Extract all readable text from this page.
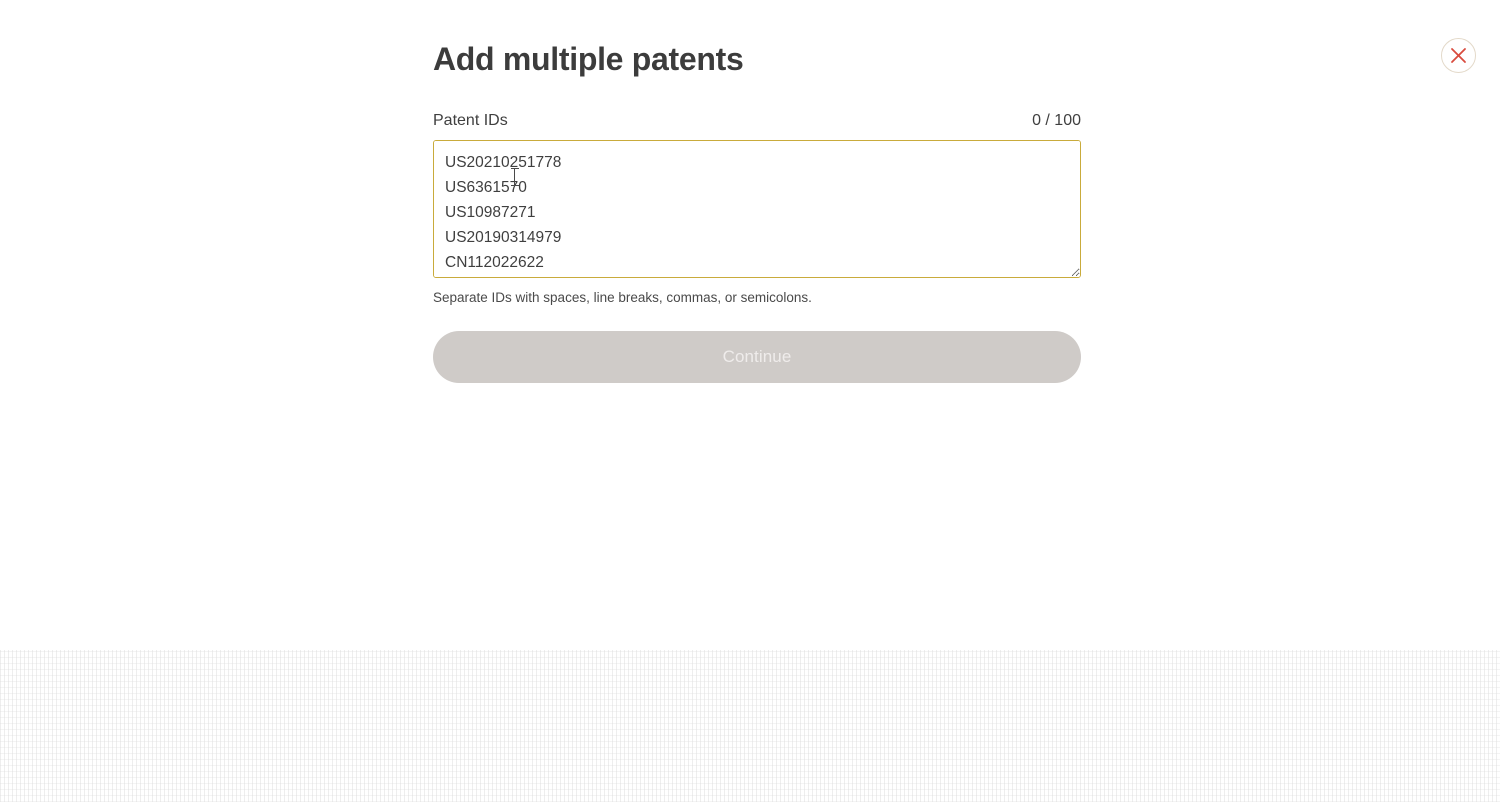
Add multiple patents
Patent IDs	0 / 100
US20210251778 US6361570 US10987271 US20190314979 CN112022622
Separate IDs with spaces, line breaks, commas, or semicolons.
Continue
